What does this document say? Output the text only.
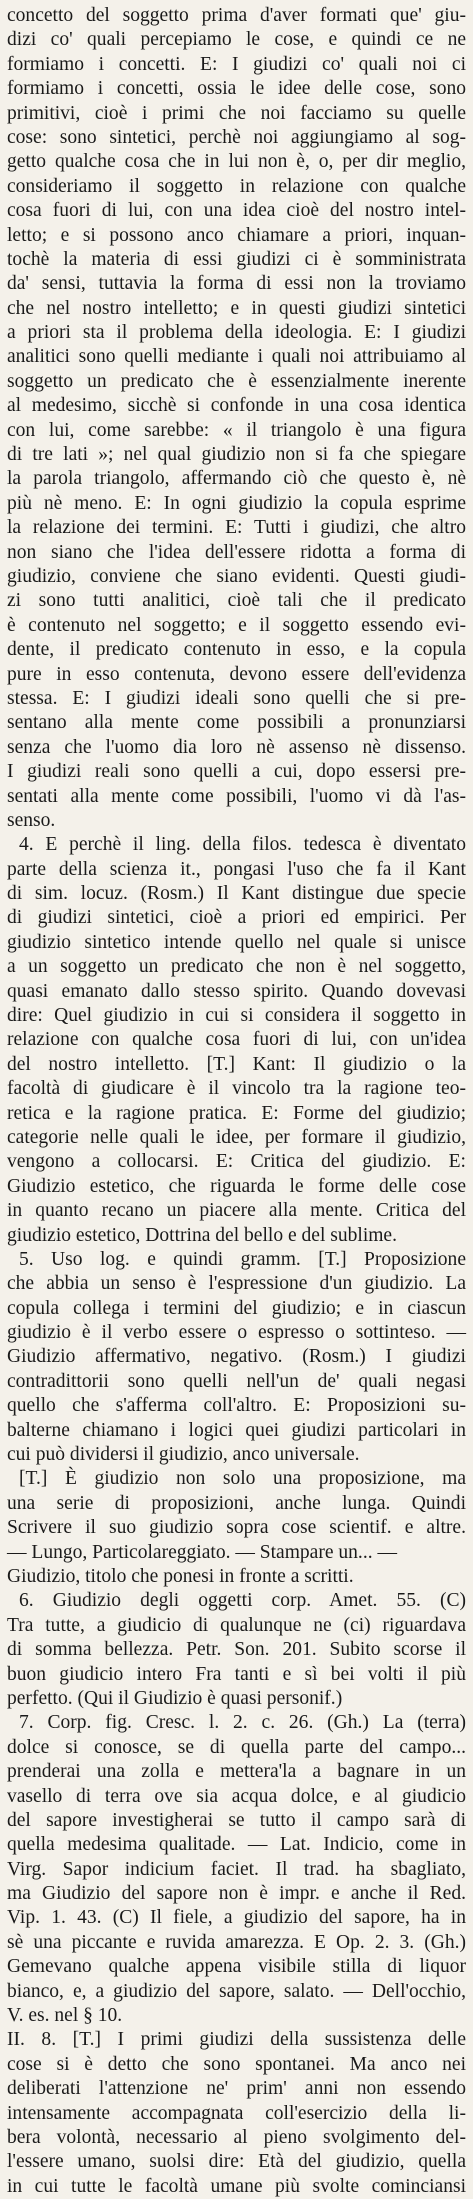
concetto del soggetto prima d'aver formati que' giu-
dizi co' quali percepiamo le cose, e quindi ce ne
formiamo i concetti. E: I giudizi co' quali noi ci
formiamo i concetti, ossia le idee delle cose, sono
primitivi, cioè i primi che noi facciamo su quelle
cose: sono sintetici, perchè noi aggiungiamo al sog-
getto qualche cosa che in lui non è, o, per dir meglio,
consideriamo il soggetto in relazione con qualche
cosa fuori di lui, con una idea cioè del nostro intel-
letto; e si possono anco chiamare a priori, inquan-
tochè la materia di essi giudizi ci è somministrata
da' sensi, tuttavia la forma di essi non la troviamo
che nel nostro intelletto; e in questi giudizi sintetici
a priori sta il problema della ideologia. E: I giudizi
analitici sono quelli mediante i quali noi attribuiamo al
soggetto un predicato che è essenzialmente inerente
al medesimo, sicchè si confonde in una cosa identica
con lui, come sarebbe: « il triangolo è una figura
di tre lati »; nel qual giudizio non si fa che spiegare
la parola triangolo, affermando ciò che questo è, nè
più nè meno. E: In ogni giudizio la copula esprime
la relazione dei termini. E: Tutti i giudizi, che altro
non siano che l'idea dell'essere ridotta a forma di
giudizio, conviene che siano evidenti. Questi giudi-
zi sono tutti analitici, cioè tali che il predicato
è contenuto nel soggetto; e il soggetto essendo evi-
dente, il predicato contenuto in esso, e la copula
pure in esso contenuta, devono essere dell'evidenza
stessa. E: I giudizi ideali sono quelli che si pre-
sentano alla mente come possibili a pronunziarsi
senza che l'uomo dia loro nè assenso nè dissenso.
I giudizi reali sono quelli a cui, dopo essersi pre-
sentati alla mente come possibili, l'uomo vi dà l'as-
senso.
4. E perchè il ling. della filos. tedesca è diventato
parte della scienza it., pongasi l'uso che fa il Kant
di sim. locuz. (Rosm.) Il Kant distingue due specie
di giudizi sintetici, cioè a priori ed empirici. Per
giudizio sintetico intende quello nel quale si unisce
a un soggetto un predicato che non è nel soggetto,
quasi emanato dallo stesso spirito. Quando dovevasi
dire: Quel giudizio in cui si considera il soggetto in
relazione con qualche cosa fuori di lui, con un'idea
del nostro intelletto. [T.] Kant: Il giudizio o la
facoltà di giudicare è il vincolo tra la ragione teo-
retica e la ragione pratica. E: Forme del giudizio;
categorie nelle quali le idee, per formare il giudizio,
vengono a collocarsi. E: Critica del giudizio. E:
Giudizio estetico, che riguarda le forme delle cose
in quanto recano un piacere alla mente. Critica del
giudizio estetico, Dottrina del bello e del sublime.
5. Uso log. e quindi gramm. [T.] Proposizione
che abbia un senso è l'espressione d'un giudizio. La
copula collega i termini del giudizio; e in ciascun
giudizio è il verbo essere o espresso o sottinteso. —
Giudizio affermativo, negativo. (Rosm.) I giudizi
contradittorii sono quelli nell'un de' quali negasi
quello che s'afferma coll'altro. E: Proposizioni su-
balterne chiamano i logici quei giudizi particolari in
cui può dividersi il giudizio, anco universale.
[T.] È giudizio non solo una proposizione, ma
una serie di proposizioni, anche lunga. Quindi
Scrivere il suo giudizio sopra cose scientif. e altre.
— Lungo, Particolareggiato. — Stampare un... —
Giudizio, titolo che ponesi in fronte a scritti.
6. Giudizio degli oggetti corp. Amet. 55. (C)
Tra tutte, a giudicio di qualunque ne (ci) riguardava
di somma bellezza. Petr. Son. 201. Subito scorse il
buon giudicio intero Fra tanti e sì bei volti il più
perfetto. (Qui il Giudizio è quasi personif.)
7. Corp. fig. Cresc. l. 2. c. 26. (Gh.) La (terra)
dolce si conosce, se di quella parte del campo...
prenderai una zolla e mettera'la a bagnare in un
vasello di terra ove sia acqua dolce, e al giudicio
del sapore investigherai se tutto il campo sarà di
quella medesima qualitade. — Lat. Indicio, come in
Virg. Sapor indicium faciet. Il trad. ha sbagliato,
ma Giudizio del sapore non è impr. e anche il Red.
Vip. 1. 43. (C) Il fiele, a giudizio del sapore, ha in
sè una piccante e ruvida amarezza. E Op. 2. 3. (Gh.)
Gemevano qualche appena visibile stilla di liquor
bianco, e, a giudizio del sapore, salato. — Dell'occhio,
V. es. nel § 10.
II. 8. [T.] I primi giudizi della sussistenza delle
cose si è detto che sono spontanei. Ma anco nei
deliberati l'attenzione ne' prim' anni non essendo
intensamente accompagnata coll'esercizio della li-
bera volontà, necessario al pieno svolgimento del-
l'essere umano, suolsi dire: Età del giudizio, quella
in cui tutte le facoltà umane più svolte cominciansi
